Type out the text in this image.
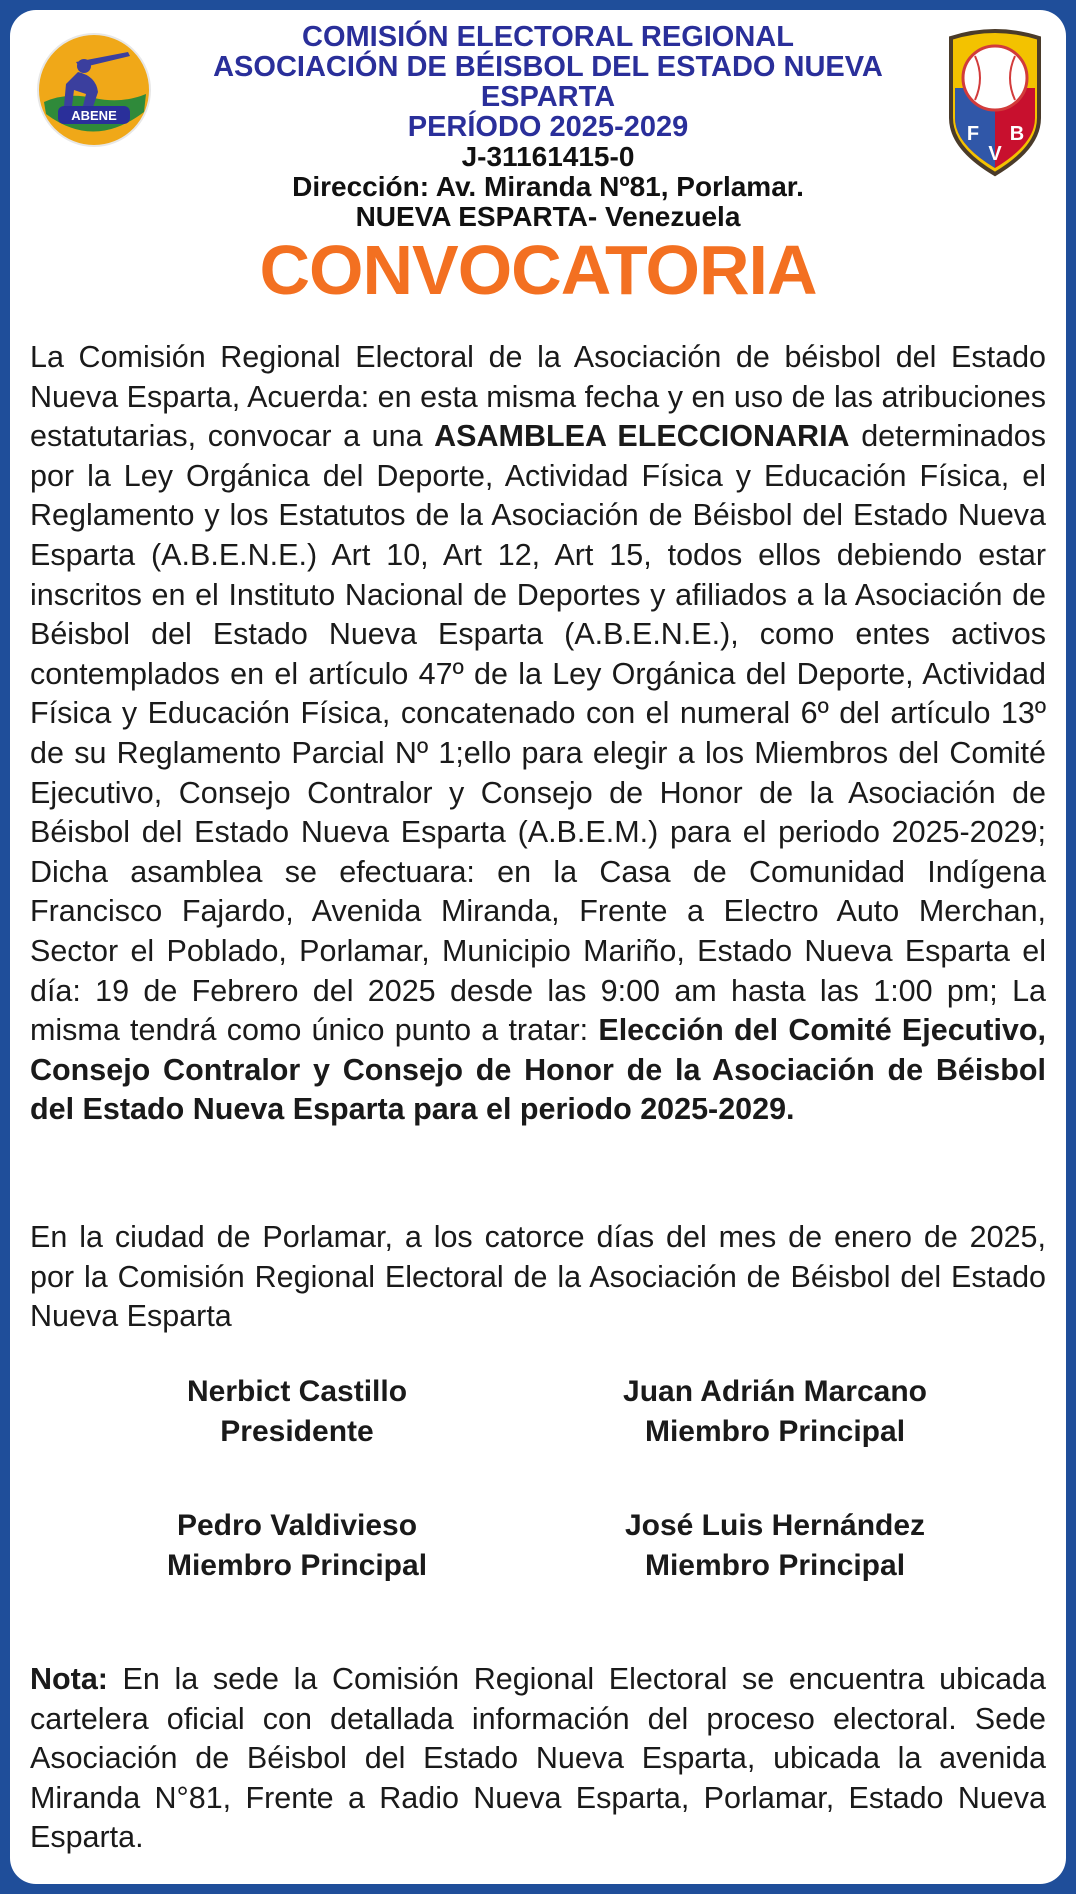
ABENE
F
V
B
COMISIÓN ELECTORAL REGIONAL
ASOCIACIÓN DE BÉISBOL DEL ESTADO NUEVA ESPARTA
PERÍODO 2025-2029
J-31161415-0
Dirección: Av. Miranda Nº81, Porlamar.
NUEVA ESPARTA- Venezuela
CONVOCATORIA
La Comisión Regional Electoral de la Asociación de béisbol del Estado Nueva Esparta, Acuerda: en esta misma fecha y en uso de las atribuciones estatutarias, convocar a una ASAMBLEA ELECCIONARIA determinados por la Ley Orgánica del Deporte, Actividad Física y Educación Física, el Reglamento y los Estatutos de la Asociación de Béisbol del Estado Nueva Esparta (A.B.E.N.E.) Art 10, Art 12, Art 15, todos ellos debiendo estar inscritos en el Instituto Nacional de Deportes y afiliados a la Asociación de Béisbol del Estado Nueva Esparta (A.B.E.N.E.), como entes activos contemplados en el artículo 47º de la Ley Orgánica del Deporte, Actividad Física y Educación Física, concatenado con el numeral 6º del artículo 13º de su Reglamento Parcial Nº 1;ello para elegir a los Miembros del Comité Ejecutivo, Consejo Contralor y Consejo de Honor de la Asociación de Béisbol del Estado Nueva Esparta (A.B.E.M.) para el periodo 2025-2029; Dicha asamblea se efectuara: en la Casa de Comunidad Indígena Francisco Fajardo, Avenida Miranda, Frente a Electro Auto Merchan, Sector el Poblado, Porlamar, Municipio Mariño, Estado Nueva Esparta el día: 19 de Febrero del 2025 desde las 9:00 am hasta las 1:00 pm; La misma tendrá como único punto a tratar: Elección del Comité Ejecutivo, Consejo Contralor y Consejo de Honor de la Asociación de Béisbol del Estado Nueva Esparta para el periodo 2025-2029.
En la ciudad de Porlamar, a los catorce días del mes de enero de 2025, por la Comisión Regional Electoral de la Asociación de Béisbol del Estado Nueva Esparta
Nerbict Castillo
Presidente
Juan Adrián Marcano
Miembro Principal
Pedro Valdivieso
Miembro Principal
José Luis Hernández
Miembro Principal
Nota: En la sede la Comisión Regional Electoral se encuentra ubicada cartelera oficial con detallada información del proceso electoral. Sede Asociación de Béisbol del Estado Nueva Esparta, ubicada la avenida Miranda N°81, Frente a Radio Nueva Esparta, Porlamar, Estado Nueva Esparta.
